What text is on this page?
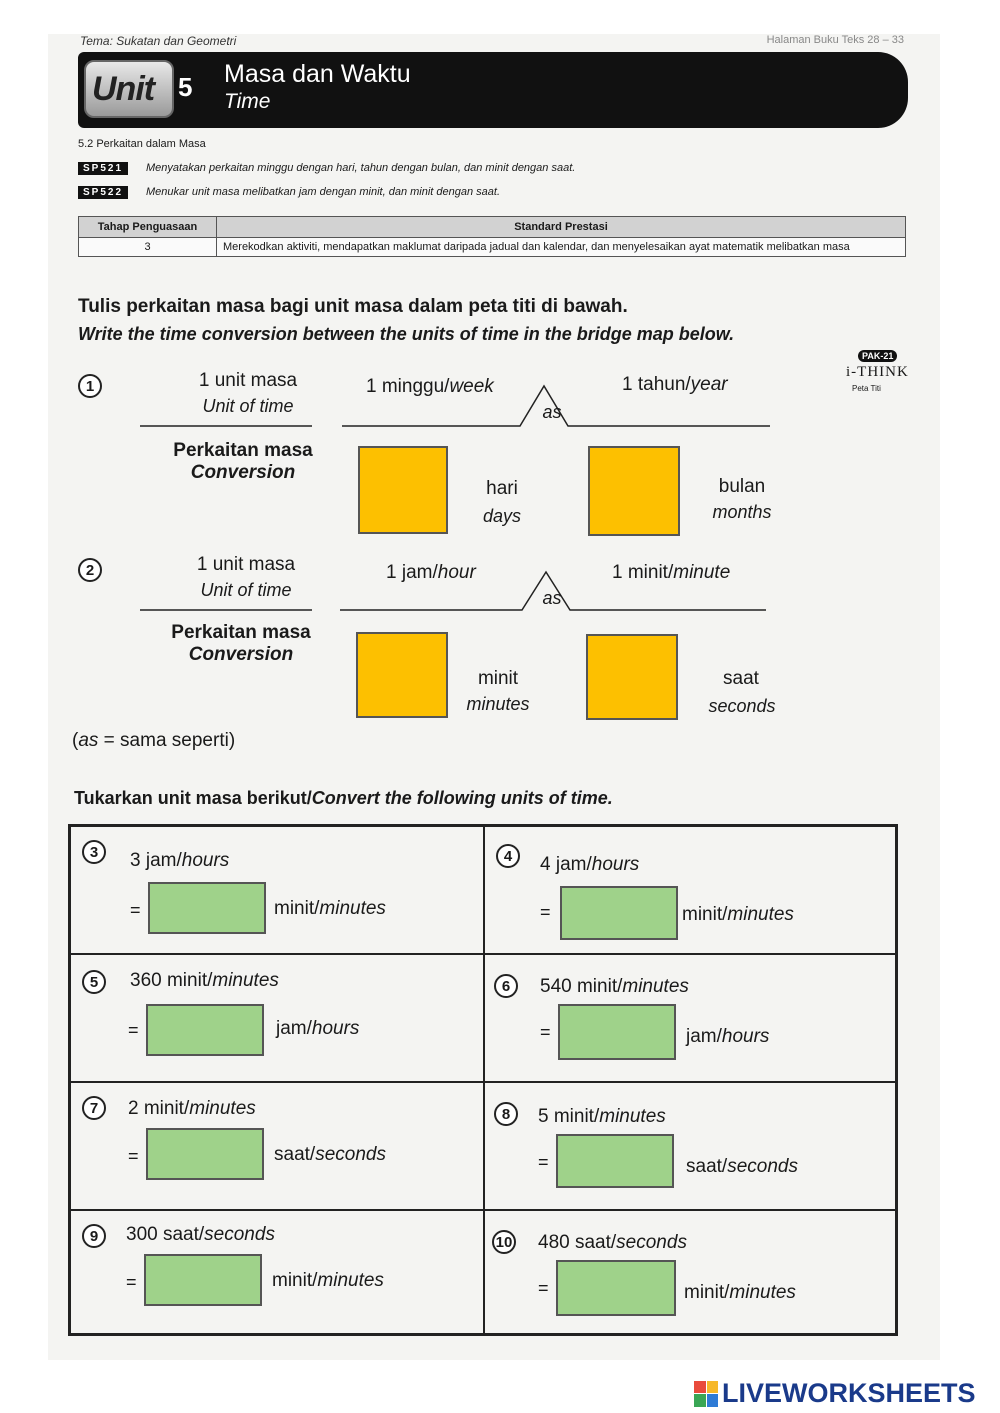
Tema: Sukatan dan Geometri	Halaman Buku Teks 28 – 33
Unit 5 Masa dan Waktu
Time
5.2 Perkaitan dalam Masa
SP521	Menyatakan perkaitan minggu dengan hari, tahun dengan bulan, dan minit dengan saat.
SP522	Menukar unit masa melibatkan jam dengan minit, dan minit dengan saat.
Tahap Penguasaan	Standard Prestasi
3	Merekodkan aktiviti, mendapatkan maklumat daripada jadual dan kalendar, dan menyelesaikan ayat matematik melibatkan masa
Tulis perkaitan masa bagi unit masa dalam peta titi di bawah.
Write the time conversion between the units of time in the bridge map below.
PAK-21
i-THINK
Peta Titi
1	1 unit masa
Unit of time
1 minggu/week
as
1 tahun/year
Perkaitan masa
Conversion
hari
days
bulan
months
2	1 unit masa
Unit of time
1 jam/hour
as
1 minit/minute
Perkaitan masa
Conversion
minit
minutes
saat
seconds
(as = sama seperti)
Tukarkan unit masa berikut/Convert the following units of time.
3	3 jam/hours
=	minit/minutes
4	4 jam/hours
=	minit/minutes
5	360 minit/minutes
=	jam/hours
6	540 minit/minutes
=	jam/hours
7	2 minit/minutes
=	saat/seconds
8	5 minit/minutes
=	saat/seconds
9	300 saat/seconds
=	minit/minutes
10 480 saat/seconds
=	minit/minutes
LIVEWORKSHEETS
